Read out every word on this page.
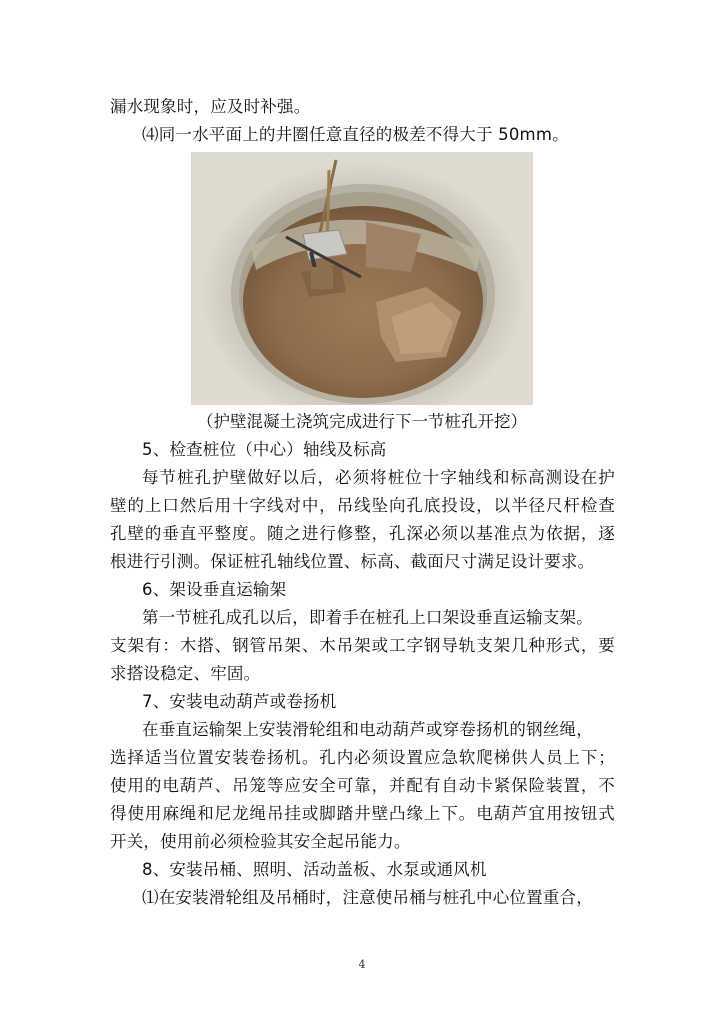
漏水现象时，应及时补强。
⑷同一水平面上的井圈任意直径的极差不得大于 50mm。
（护壁混凝土浇筑完成进行下一节桩孔开挖）
5、检查桩位（中心）轴线及标高
每节桩孔护壁做好以后，必须将桩位十字轴线和标高测设在护
壁的上口然后用十字线对中，吊线坠向孔底投设，以半径尺杆检查
孔壁的垂直平整度。随之进行修整，孔深必须以基准点为依据，逐
根进行引测。保证桩孔轴线位置、标高、截面尺寸满足设计要求。
6、架设垂直运输架
第一节桩孔成孔以后，即着手在桩孔上口架设垂直运输支架。
支架有：木搭、钢管吊架、木吊架或工字钢导轨支架几种形式，要
求搭设稳定、牢固。
7、安装电动葫芦或卷扬机
在垂直运输架上安装滑轮组和电动葫芦或穿卷扬机的钢丝绳，
选择适当位置安装卷扬机。孔内必须设置应急软爬梯供人员上下；
使用的电葫芦、吊笼等应安全可靠，并配有自动卡紧保险装置，不
得使用麻绳和尼龙绳吊挂或脚踏井壁凸缘上下。电葫芦宜用按钮式
开关，使用前必须检验其安全起吊能力。
8、安装吊桶、照明、活动盖板、水泵或通风机
⑴在安装滑轮组及吊桶时，注意使吊桶与桩孔中心位置重合，
4
